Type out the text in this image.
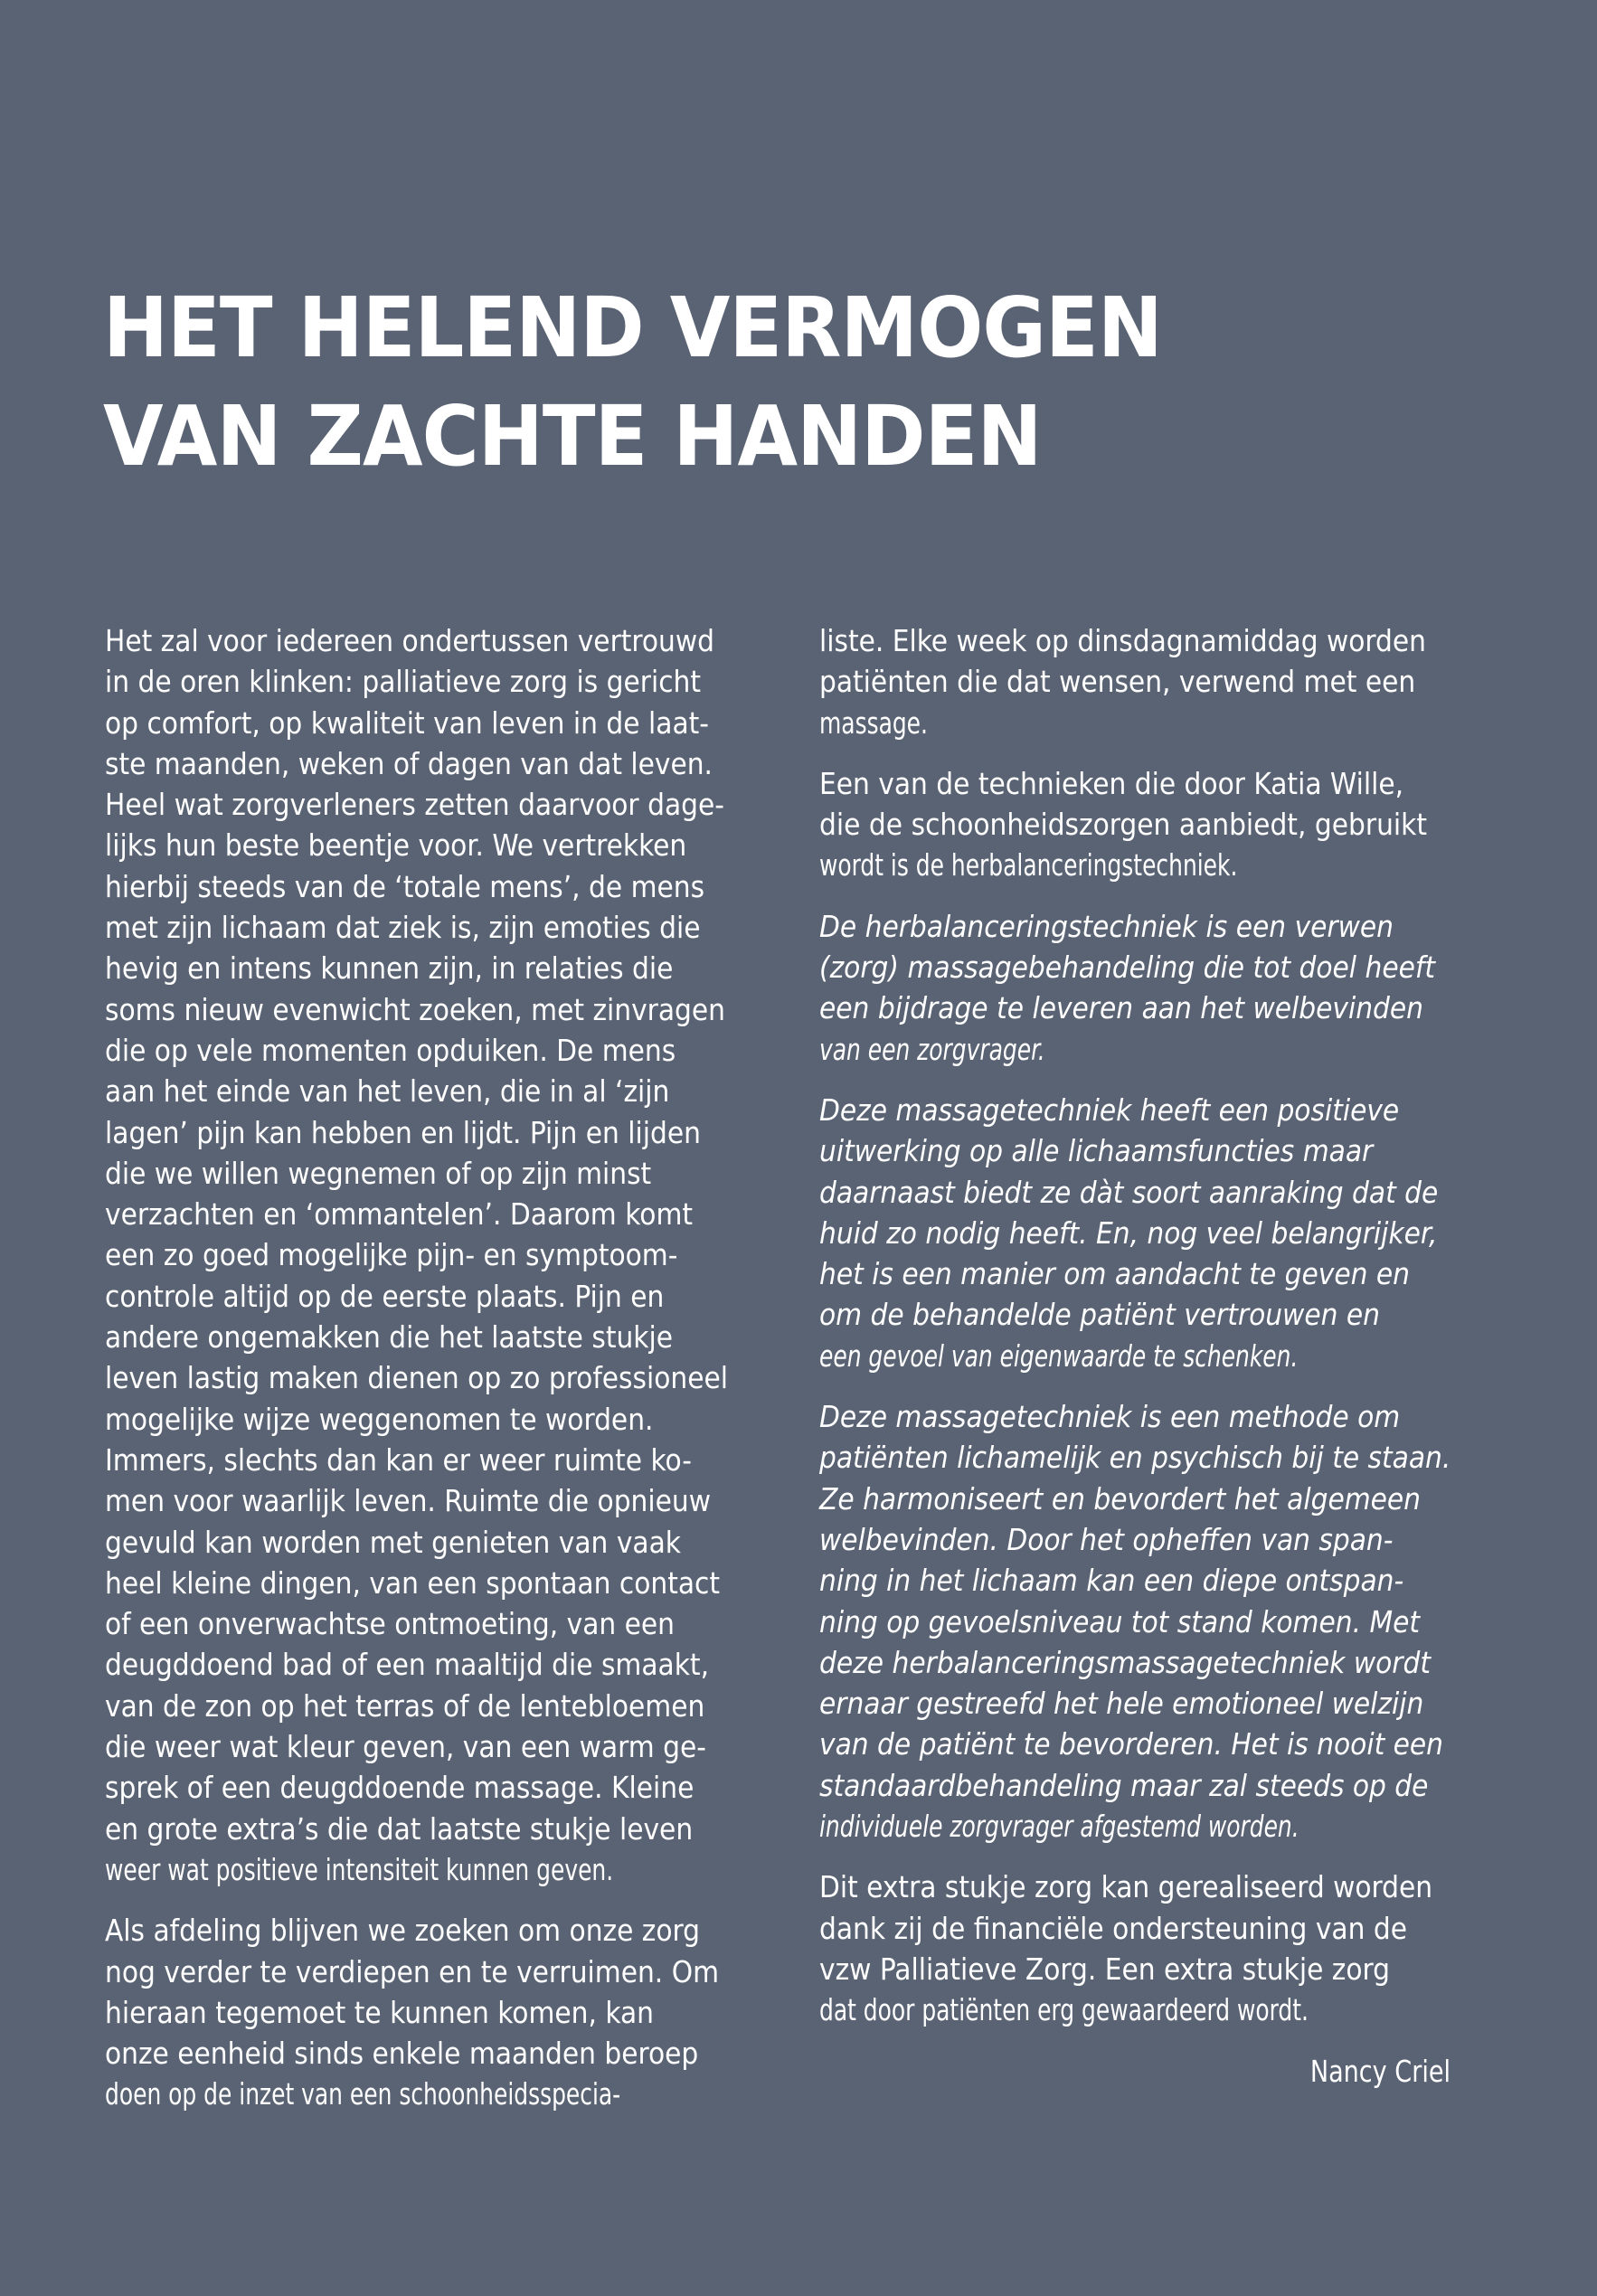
HET HELEND VERMOGEN
VAN ZACHTE HANDEN
Het zal voor iedereen ondertussen vertrouwd
in de oren klinken: palliatieve zorg is gericht
op comfort, op kwaliteit van leven in de laat-
ste maanden, weken of dagen van dat leven.
Heel wat zorgverleners zetten daarvoor dage-
lijks hun beste beentje voor. We vertrekken
hierbij steeds van de ‘totale mens’, de mens
met zijn lichaam dat ziek is, zijn emoties die
hevig en intens kunnen zijn, in relaties die
soms nieuw evenwicht zoeken, met zinvragen
die op vele momenten opduiken. De mens
aan het einde van het leven, die in al ‘zijn
lagen’ pijn kan hebben en lijdt. Pijn en lijden
die we willen wegnemen of op zijn minst
verzachten en ‘ommantelen’. Daarom komt
een zo goed mogelijke pijn- en symptoom-
controle altijd op de eerste plaats. Pijn en
andere ongemakken die het laatste stukje
leven lastig maken dienen op zo professioneel
mogelijke wijze weggenomen te worden.
Immers, slechts dan kan er weer ruimte ko-
men voor waarlijk leven. Ruimte die opnieuw
gevuld kan worden met genieten van vaak
heel kleine dingen, van een spontaan contact
of een onverwachtse ontmoeting, van een
deugddoend bad of een maaltijd die smaakt,
van de zon op het terras of de lentebloemen
die weer wat kleur geven, van een warm ge-
sprek of een deugddoende massage. Kleine
en grote extra’s die dat laatste stukje leven
weer wat positieve intensiteit kunnen geven.
Als afdeling blijven we zoeken om onze zorg
nog verder te verdiepen en te verruimen. Om
hieraan tegemoet te kunnen komen, kan
onze eenheid sinds enkele maanden beroep
doen op de inzet van een schoonheidsspecia-
liste. Elke week op dinsdagnamiddag worden
patiënten die dat wensen, verwend met een
massage.
Een van de technieken die door Katia Wille,
die de schoonheidszorgen aanbiedt, gebruikt
wordt is de herbalanceringstechniek.
De herbalanceringstechniek is een verwen
(zorg) massagebehandeling die tot doel heeft
een bijdrage te leveren aan het welbevinden
van een zorgvrager.
Deze massagetechniek heeft een positieve
uitwerking op alle lichaamsfuncties maar
daarnaast biedt ze dàt soort aanraking dat de
huid zo nodig heeft. En, nog veel belangrijker,
het is een manier om aandacht te geven en
om de behandelde patiënt vertrouwen en
een gevoel van eigenwaarde te schenken.
Deze massagetechniek is een methode om
patiënten lichamelijk en psychisch bij te staan.
Ze harmoniseert en bevordert het algemeen
welbevinden. Door het opheffen van span-
ning in het lichaam kan een diepe ontspan-
ning op gevoelsniveau tot stand komen. Met
deze herbalanceringsmassagetechniek wordt
ernaar gestreefd het hele emotioneel welzijn
van de patiënt te bevorderen. Het is nooit een
standaardbehandeling maar zal steeds op de
individuele zorgvrager afgestemd worden.
Dit extra stukje zorg kan gerealiseerd worden
dank zij de financiële ondersteuning van de
vzw Palliatieve Zorg. Een extra stukje zorg
dat door patiënten erg gewaardeerd wordt.
Nancy Criel
